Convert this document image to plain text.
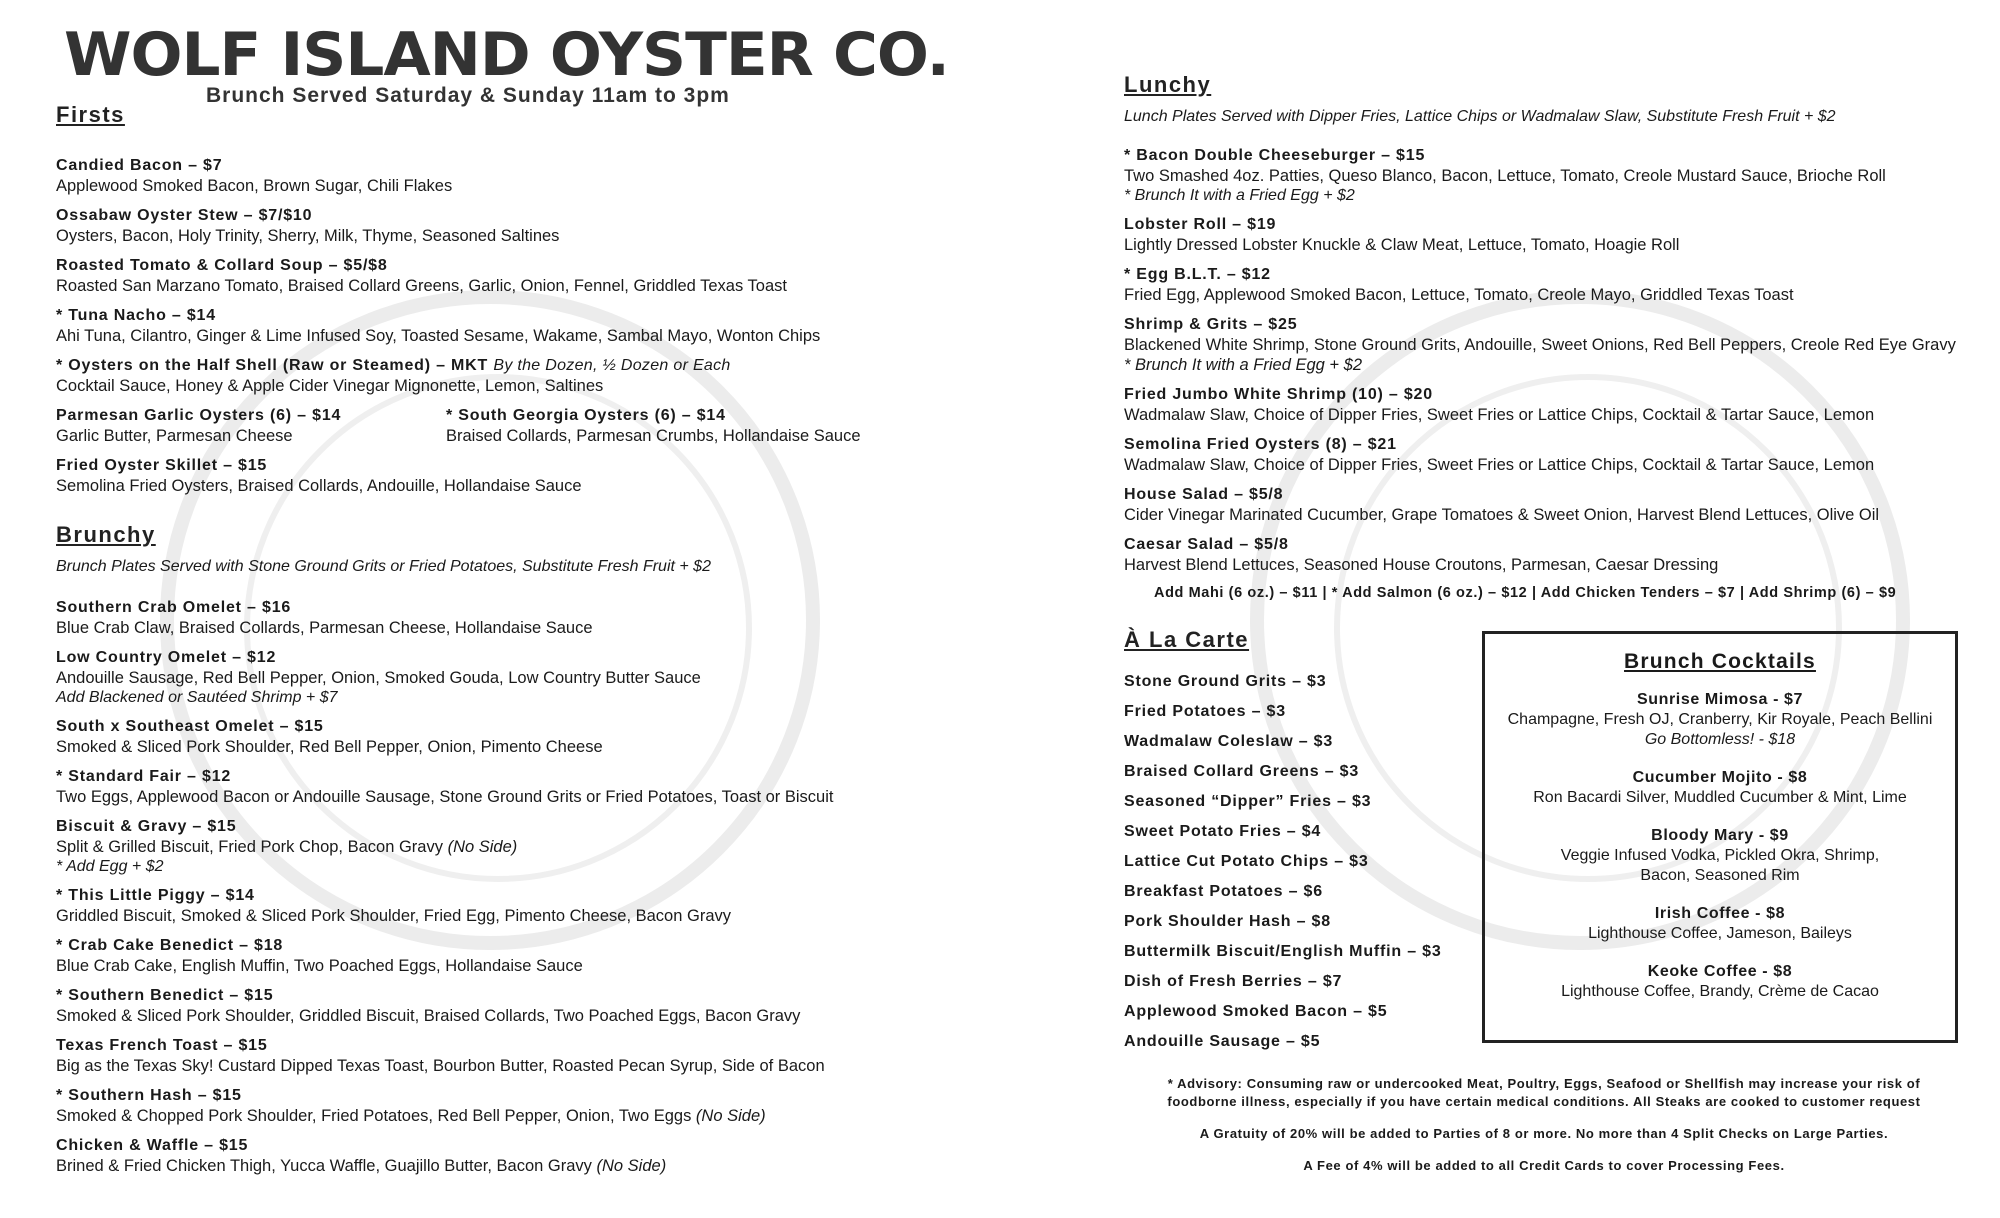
WOLF ISLAND OYSTER CO.
Brunch Served Saturday & Sunday 11am to 3pm
Firsts
Candied Bacon – $7
Applewood Smoked Bacon, Brown Sugar, Chili Flakes
Ossabaw Oyster Stew – $7/$10
Oysters, Bacon, Holy Trinity, Sherry, Milk, Thyme, Seasoned Saltines
Roasted Tomato & Collard Soup – $5/$8
Roasted San Marzano Tomato, Braised Collard Greens, Garlic, Onion, Fennel, Griddled Texas Toast
* Tuna Nacho – $14
Ahi Tuna, Cilantro, Ginger & Lime Infused Soy, Toasted Sesame, Wakame, Sambal Mayo, Wonton Chips
* Oysters on the Half Shell (Raw or Steamed) – MKT By the Dozen, ½ Dozen or Each
Cocktail Sauce, Honey & Apple Cider Vinegar Mignonette, Lemon, Saltines
Parmesan Garlic Oysters (6) – $14
Garlic Butter, Parmesan Cheese
* South Georgia Oysters (6) – $14
Braised Collards, Parmesan Crumbs, Hollandaise Sauce
Fried Oyster Skillet – $15
Semolina Fried Oysters, Braised Collards, Andouille, Hollandaise Sauce
Brunchy
Brunch Plates Served with Stone Ground Grits or Fried Potatoes, Substitute Fresh Fruit + $2
Southern Crab Omelet – $16
Blue Crab Claw, Braised Collards, Parmesan Cheese, Hollandaise Sauce
Low Country Omelet – $12
Andouille Sausage, Red Bell Pepper, Onion, Smoked Gouda, Low Country Butter Sauce
Add Blackened or Sautéed Shrimp + $7
South x Southeast Omelet – $15
Smoked & Sliced Pork Shoulder, Red Bell Pepper, Onion, Pimento Cheese
* Standard Fair – $12
Two Eggs, Applewood Bacon or Andouille Sausage, Stone Ground Grits or Fried Potatoes, Toast or Biscuit
Biscuit & Gravy – $15
Split & Grilled Biscuit, Fried Pork Chop, Bacon Gravy (No Side)
* Add Egg + $2
* This Little Piggy – $14
Griddled Biscuit, Smoked & Sliced Pork Shoulder, Fried Egg, Pimento Cheese, Bacon Gravy
* Crab Cake Benedict – $18
Blue Crab Cake, English Muffin, Two Poached Eggs, Hollandaise Sauce
* Southern Benedict – $15
Smoked & Sliced Pork Shoulder, Griddled Biscuit, Braised Collards, Two Poached Eggs, Bacon Gravy
Texas French Toast – $15
Big as the Texas Sky! Custard Dipped Texas Toast, Bourbon Butter, Roasted Pecan Syrup, Side of Bacon
* Southern Hash – $15
Smoked & Chopped Pork Shoulder, Fried Potatoes, Red Bell Pepper, Onion, Two Eggs (No Side)
Chicken & Waffle – $15
Brined & Fried Chicken Thigh, Yucca Waffle, Guajillo Butter, Bacon Gravy (No Side)
Lunchy
Lunch Plates Served with Dipper Fries, Lattice Chips or Wadmalaw Slaw, Substitute Fresh Fruit + $2
* Bacon Double Cheeseburger – $15
Two Smashed 4oz. Patties, Queso Blanco, Bacon, Lettuce, Tomato, Creole Mustard Sauce, Brioche Roll
* Brunch It with a Fried Egg + $2
Lobster Roll – $19
Lightly Dressed Lobster Knuckle & Claw Meat, Lettuce, Tomato, Hoagie Roll
* Egg B.L.T. – $12
Fried Egg, Applewood Smoked Bacon, Lettuce, Tomato, Creole Mayo, Griddled Texas Toast
Shrimp & Grits – $25
Blackened White Shrimp, Stone Ground Grits, Andouille, Sweet Onions, Red Bell Peppers, Creole Red Eye Gravy * Brunch It with a Fried Egg + $2
Fried Jumbo White Shrimp (10) – $20
Wadmalaw Slaw, Choice of Dipper Fries, Sweet Fries or Lattice Chips, Cocktail & Tartar Sauce, Lemon
Semolina Fried Oysters (8) – $21
Wadmalaw Slaw, Choice of Dipper Fries, Sweet Fries or Lattice Chips, Cocktail & Tartar Sauce, Lemon
House Salad – $5/8
Cider Vinegar Marinated Cucumber, Grape Tomatoes & Sweet Onion, Harvest Blend Lettuces, Olive Oil
Caesar Salad – $5/8
Harvest Blend Lettuces, Seasoned House Croutons, Parmesan, Caesar Dressing
Add Mahi (6 oz.) – $11 | * Add Salmon (6 oz.) – $12 | Add Chicken Tenders – $7 | Add Shrimp (6) – $9
À La Carte
Stone Ground Grits – $3
Fried Potatoes – $3
Wadmalaw Coleslaw – $3
Braised Collard Greens – $3
Seasoned “Dipper” Fries – $3
Sweet Potato Fries – $4
Lattice Cut Potato Chips – $3
Breakfast Potatoes – $6
Pork Shoulder Hash – $8
Buttermilk Biscuit/English Muffin – $3
Dish of Fresh Berries – $7
Applewood Smoked Bacon – $5
Andouille Sausage – $5
Brunch Cocktails
Sunrise Mimosa - $7
Champagne, Fresh OJ, Cranberry, Kir Royale, Peach Bellini
Go Bottomless! - $18
Cucumber Mojito - $8
Ron Bacardi Silver, Muddled Cucumber & Mint, Lime
Bloody Mary - $9
Veggie Infused Vodka, Pickled Okra, Shrimp,
Bacon, Seasoned Rim
Irish Coffee - $8
Lighthouse Coffee, Jameson, Baileys
Keoke Coffee - $8
Lighthouse Coffee, Brandy, Crème de Cacao

* Advisory: Consuming raw or undercooked Meat, Poultry, Eggs, Seafood or Shellfish may increase your risk of
foodborne illness, especially if you have certain medical conditions. All Steaks are cooked to customer request

A Gratuity of 20% will be added to Parties of 8 or more. No more than 4 Split Checks on Large Parties.

A Fee of 4% will be added to all Credit Cards to cover Processing Fees.
